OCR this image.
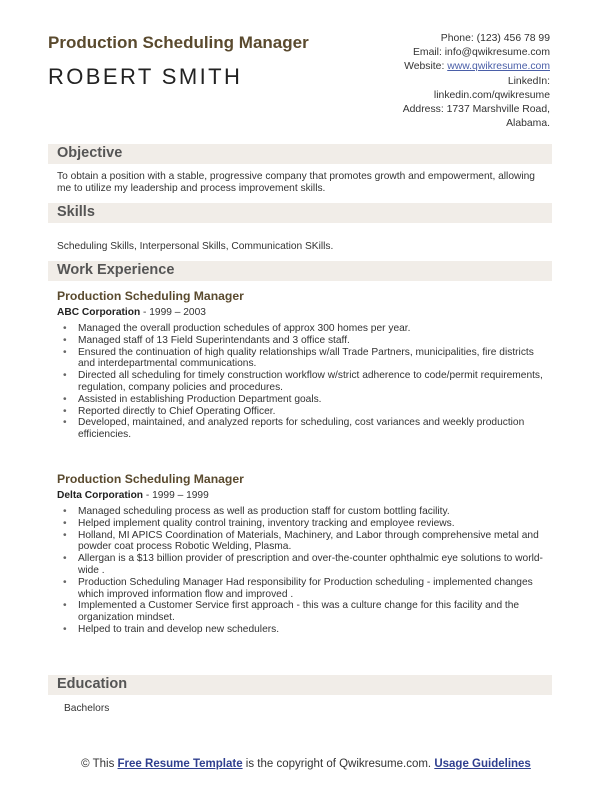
Production Scheduling Manager
ROBERT SMITH
Phone: (123) 456 78 99
Email: info@qwikresume.com
Website: www.qwikresume.com
LinkedIn:
linkedin.com/qwikresume
Address: 1737 Marshville Road,
Alabama.
Objective
To obtain a position with a stable, progressive company that promotes growth and empowerment, allowing me to utilize my leadership and process improvement skills.
Skills
Scheduling Skills, Interpersonal Skills, Communication SKills.
Work Experience
Production Scheduling Manager
ABC Corporation - 1999 – 2003
• Managed the overall production schedules of approx 300 homes per year.
• Managed staff of 13 Field Superintendants and 3 office staff.
• Ensured the continuation of high quality relationships w/all Trade Partners, municipalities, fire districts and interdepartmental communications.
• Directed all scheduling for timely construction workflow w/strict adherence to code/permit requirements, regulation, company policies and procedures.
• Assisted in establishing Production Department goals.
• Reported directly to Chief Operating Officer.
• Developed, maintained, and analyzed reports for scheduling, cost variances and weekly production efficiencies.
Production Scheduling Manager
Delta Corporation - 1999 – 1999
• Managed scheduling process as well as production staff for custom bottling facility.
• Helped implement quality control training, inventory tracking and employee reviews.
• Holland, MI APICS Coordination of Materials, Machinery, and Labor through comprehensive metal and powder coat process Robotic Welding, Plasma.
• Allergan is a $13 billion provider of prescription and over-the-counter ophthalmic eye solutions to world-wide .
• Production Scheduling Manager Had responsibility for Production scheduling - implemented changes which improved information flow and improved .
• Implemented a Customer Service first approach - this was a culture change for this facility and the organization mindset.
• Helped to train and develop new schedulers.
Education
Bachelors
© This Free Resume Template is the copyright of Qwikresume.com. Usage Guidelines
